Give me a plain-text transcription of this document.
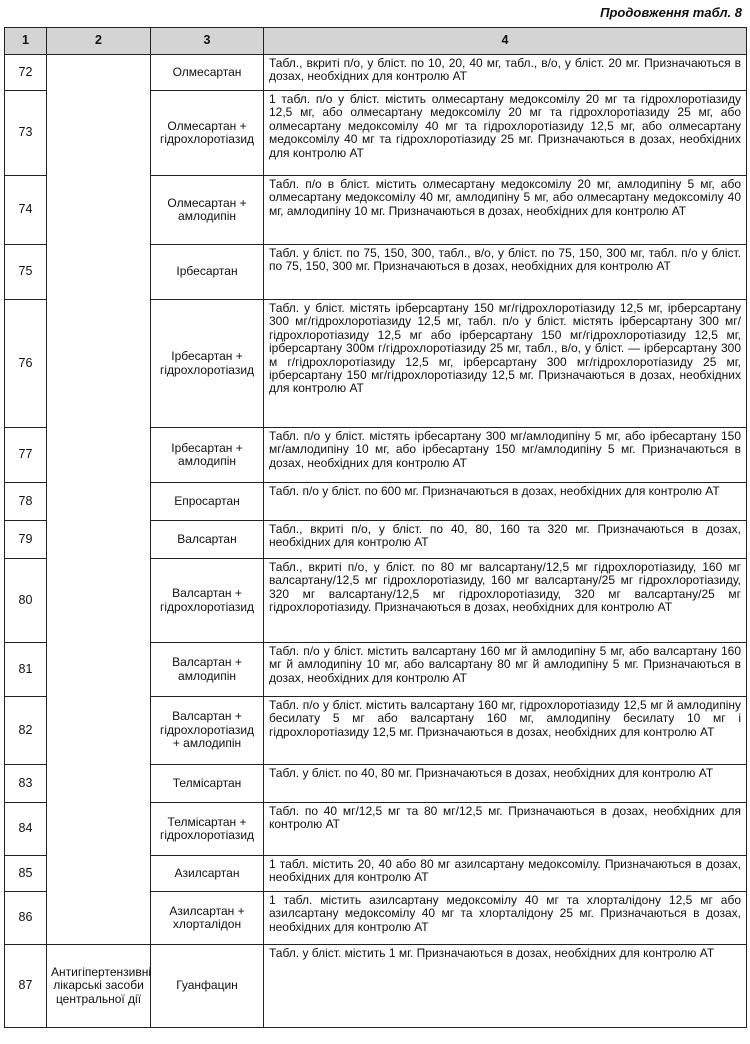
Продовження табл. 8
1	2	3	4
72		Олмесартан	Табл., вкриті п/о, у бліст. по 10, 20, 40 мг, табл., в/о, у бліст. 20 мг. Призначаються в дозах, необхідних для контролю АТ
73		Олмесартан + гідрохлоротіазид	1 табл. п/о у бліст. містить олмесартану медоксомілу 20 мг та гідрохлоротіазиду 12,5 мг, або олмесартану медоксомілу 20 мг та гідрохлоротіазиду 25 мг, або олмесартану медоксомілу 40 мг та гідрохлоротіазиду 12,5 мг, або олмесартану медоксомілу 40 мг та гідрохлоротіазиду 25 мг. Призначаються в дозах, необхідних для контролю АТ
74		Олмесартан + амлодипін	Табл. п/о в бліст. містить олмесартану медоксомілу 20 мг, амлодипіну 5 мг, або олмесартану медоксомілу 40 мг, амлодипіну 5 мг, або олмесартану медоксомілу 40 мг, амлодипіну 10 мг. Призначаються в дозах, необхідних для контролю АТ
75		Ірбесартан	Табл. у бліст. по 75, 150, 300, табл., в/о, у бліст. по 75, 150, 300 мг, табл. п/о у бліст. по 75, 150, 300 мг. Призначаються в дозах, необхідних для контролю АТ
76		Ірбесартан + гідрохлоротіазид	Табл. у бліст. містять ірберсартану 150 мг/гідрохлоротіазиду 12,5 мг, ірберсартану 300 мг/гідрохлоротіазиду 12,5 мг, табл. п/о у бліст. містять ірберсартану 300 мг/гідрохлоротіазиду 12,5 мг або ірберсартану 150 мг/гідрохлоротіазиду 12,5 мг, ірберсартану 300м г/гідрохлоротіазиду 25 мг, табл., в/о, у бліст. — ірберсартану 300 м г/гідрохлоротіазиду 12,5 мг, ірберсартану 300 мг/гідрохлоротіазиду 25 мг, ірберсартану 150 мг/гідрохлоротіазиду 12,5 мг. Призначаються в дозах, необхідних для контролю АТ
77		Ірбесартан + амлодипін	Табл. п/о у бліст. містять ірбесартану 300 мг/амлодипіну 5 мг, або ірбесартану 150 мг/амлодипіну 10 мг, або ірбесартану 150 мг/амлодипіну 5 мг. Призначаються в дозах, необхідних для контролю АТ
78		Епросартан	Табл. п/о у бліст. по 600 мг. Призначаються в дозах, необхідних для контролю АТ
79		Валсартан	Табл., вкриті п/о, у бліст. по 40, 80, 160 та 320 мг. Призначаються в дозах, необхідних для контролю АТ
80		Валсартан + гідрохлоротіазид	Табл., вкриті п/о, у бліст. по 80 мг валсартану/12,5 мг гідрохлоротіазиду, 160 мг валсартану/12,5 мг гідрохлоротіазиду, 160 мг валсартану/25 мг гідрохлоротіазиду, 320 мг валсартану/12,5 мг гідрохлоротіазиду, 320 мг валсартану/25 мг гідрохлоротіазиду. Призначаються в дозах, необхідних для контролю АТ
81		Валсартан + амлодипін	Табл. п/о у бліст. містить валсартану 160 мг й амлодипіну 5 мг, або валсартану 160 мг й амлодипіну 10 мг, або валсартану 80 мг й амлодипіну 5 мг. Призначаються в дозах, необхідних для контролю АТ
82		Валсартан + гідрохлоротіазид + амлодипін	Табл. п/о у бліст. містить валсартану 160 мг, гідрохлоротіазиду 12,5 мг й амлодипіну бесилату 5 мг або валсартану 160 мг, амлодипіну бесилату 10 мг і гідрохлоротіазиду 12,5 мг. Призначаються в дозах, необхідних для контролю АТ
83		Телмісартан	Табл. у бліст. по 40, 80 мг. Призначаються в дозах, необхідних для контролю АТ
84		Телмісартан + гідрохлоротіазид	Табл. по 40 мг/12,5 мг та 80 мг/12,5 мг. Призначаються в дозах, необхідних для контролю АТ
85		Азилсартан	1 табл. містить 20, 40 або 80 мг азилсартану медоксомілу. Призначаються в дозах, необхідних для контролю АТ
86		Азилсартан + хлорталідон	1 табл. містить азилсартану медоксомілу 40 мг та хлорталідону 12,5 мг або азилсартану медоксомілу 40 мг та хлорталідону 25 мг. Призначаються в дозах, необхідних для контролю АТ
87	Антигіпертензивні лікарські засоби центральної дії	Гуанфацин	Табл. у бліст. містить 1 мг. Призначаються в дозах, необхідних для контролю АТ
